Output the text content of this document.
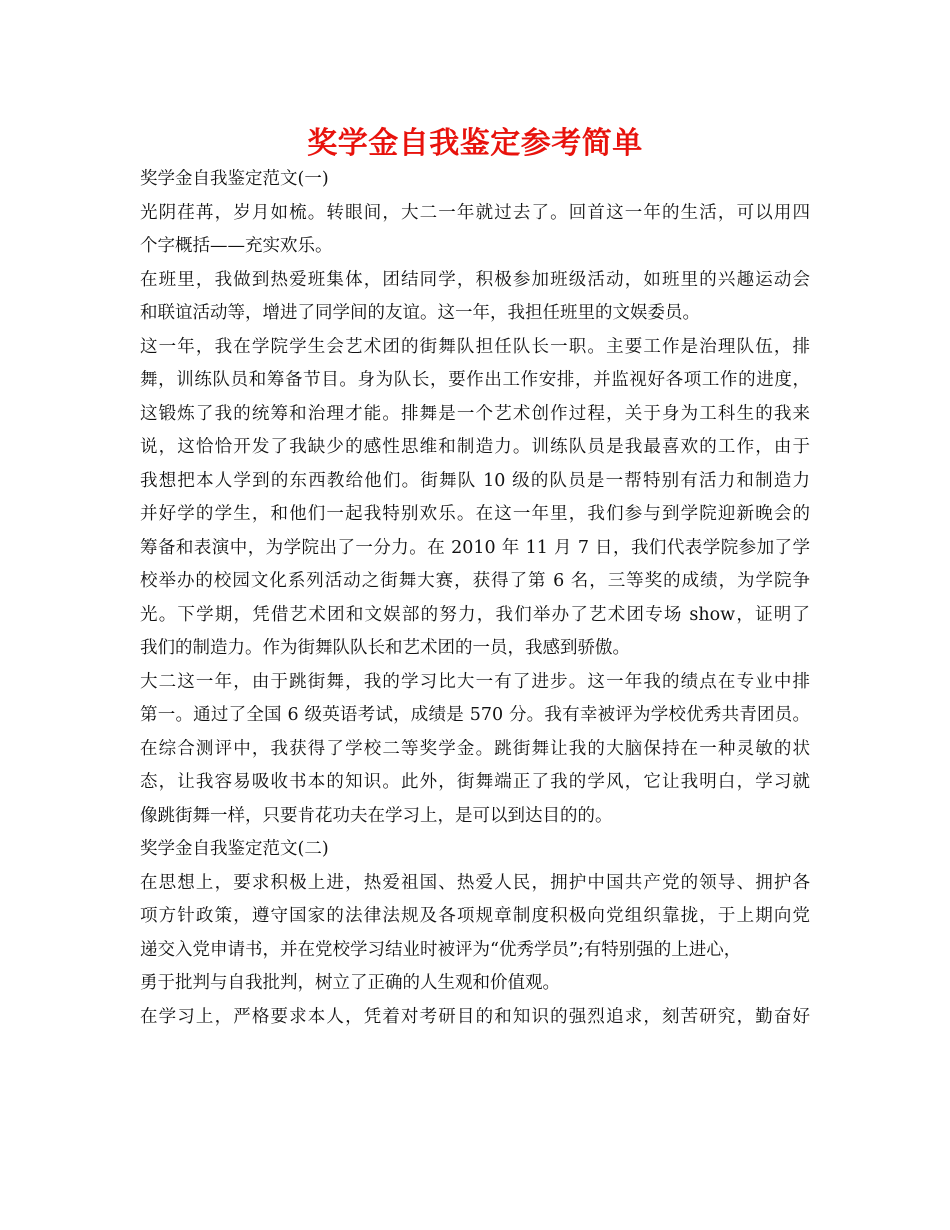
奖学金自我鉴定参考简单
奖学金自我鉴定范文(一)
光阴荏苒，岁月如梳。转眼间，大二一年就过去了。回首这一年的生活，可以用四
个字概括——充实欢乐。
在班里，我做到热爱班集体，团结同学，积极参加班级活动，如班里的兴趣运动会
和联谊活动等，增进了同学间的友谊。这一年，我担任班里的文娱委员。
这一年，我在学院学生会艺术团的街舞队担任队长一职。主要工作是治理队伍，排
舞，训练队员和筹备节目。身为队长，要作出工作安排，并监视好各项工作的进度，
这锻炼了我的统筹和治理才能。排舞是一个艺术创作过程，关于身为工科生的我来
说，这恰恰开发了我缺少的感性思维和制造力。训练队员是我最喜欢的工作，由于
我想把本人学到的东西教给他们。街舞队 10 级的队员是一帮特别有活力和制造力
并好学的学生，和他们一起我特别欢乐。在这一年里，我们参与到学院迎新晚会的
筹备和表演中，为学院出了一分力。在 2010 年 11 月 7 日，我们代表学院参加了学
校举办的校园文化系列活动之街舞大赛，获得了第 6 名，三等奖的成绩，为学院争
光。下学期，凭借艺术团和文娱部的努力，我们举办了艺术团专场 show，证明了
我们的制造力。作为街舞队队长和艺术团的一员，我感到骄傲。
大二这一年，由于跳街舞，我的学习比大一有了进步。这一年我的绩点在专业中排
第一。通过了全国 6 级英语考试，成绩是 570 分。我有幸被评为学校优秀共青团员。
在综合测评中，我获得了学校二等奖学金。跳街舞让我的大脑保持在一种灵敏的状
态，让我容易吸收书本的知识。此外，街舞端正了我的学风，它让我明白，学习就
像跳街舞一样，只要肯花功夫在学习上，是可以到达目的的。
奖学金自我鉴定范文(二)
在思想上，要求积极上进，热爱祖国、热爱人民，拥护中国共产党的领导、拥护各
项方针政策，遵守国家的法律法规及各项规章制度积极向党组织靠拢，于上期向党
递交入党申请书，并在党校学习结业时被评为“优秀学员”;有特别强的上进心，
勇于批判与自我批判，树立了正确的人生观和价值观。
在学习上，严格要求本人，凭着对考研目的和知识的强烈追求，刻苦研究，勤奋好
